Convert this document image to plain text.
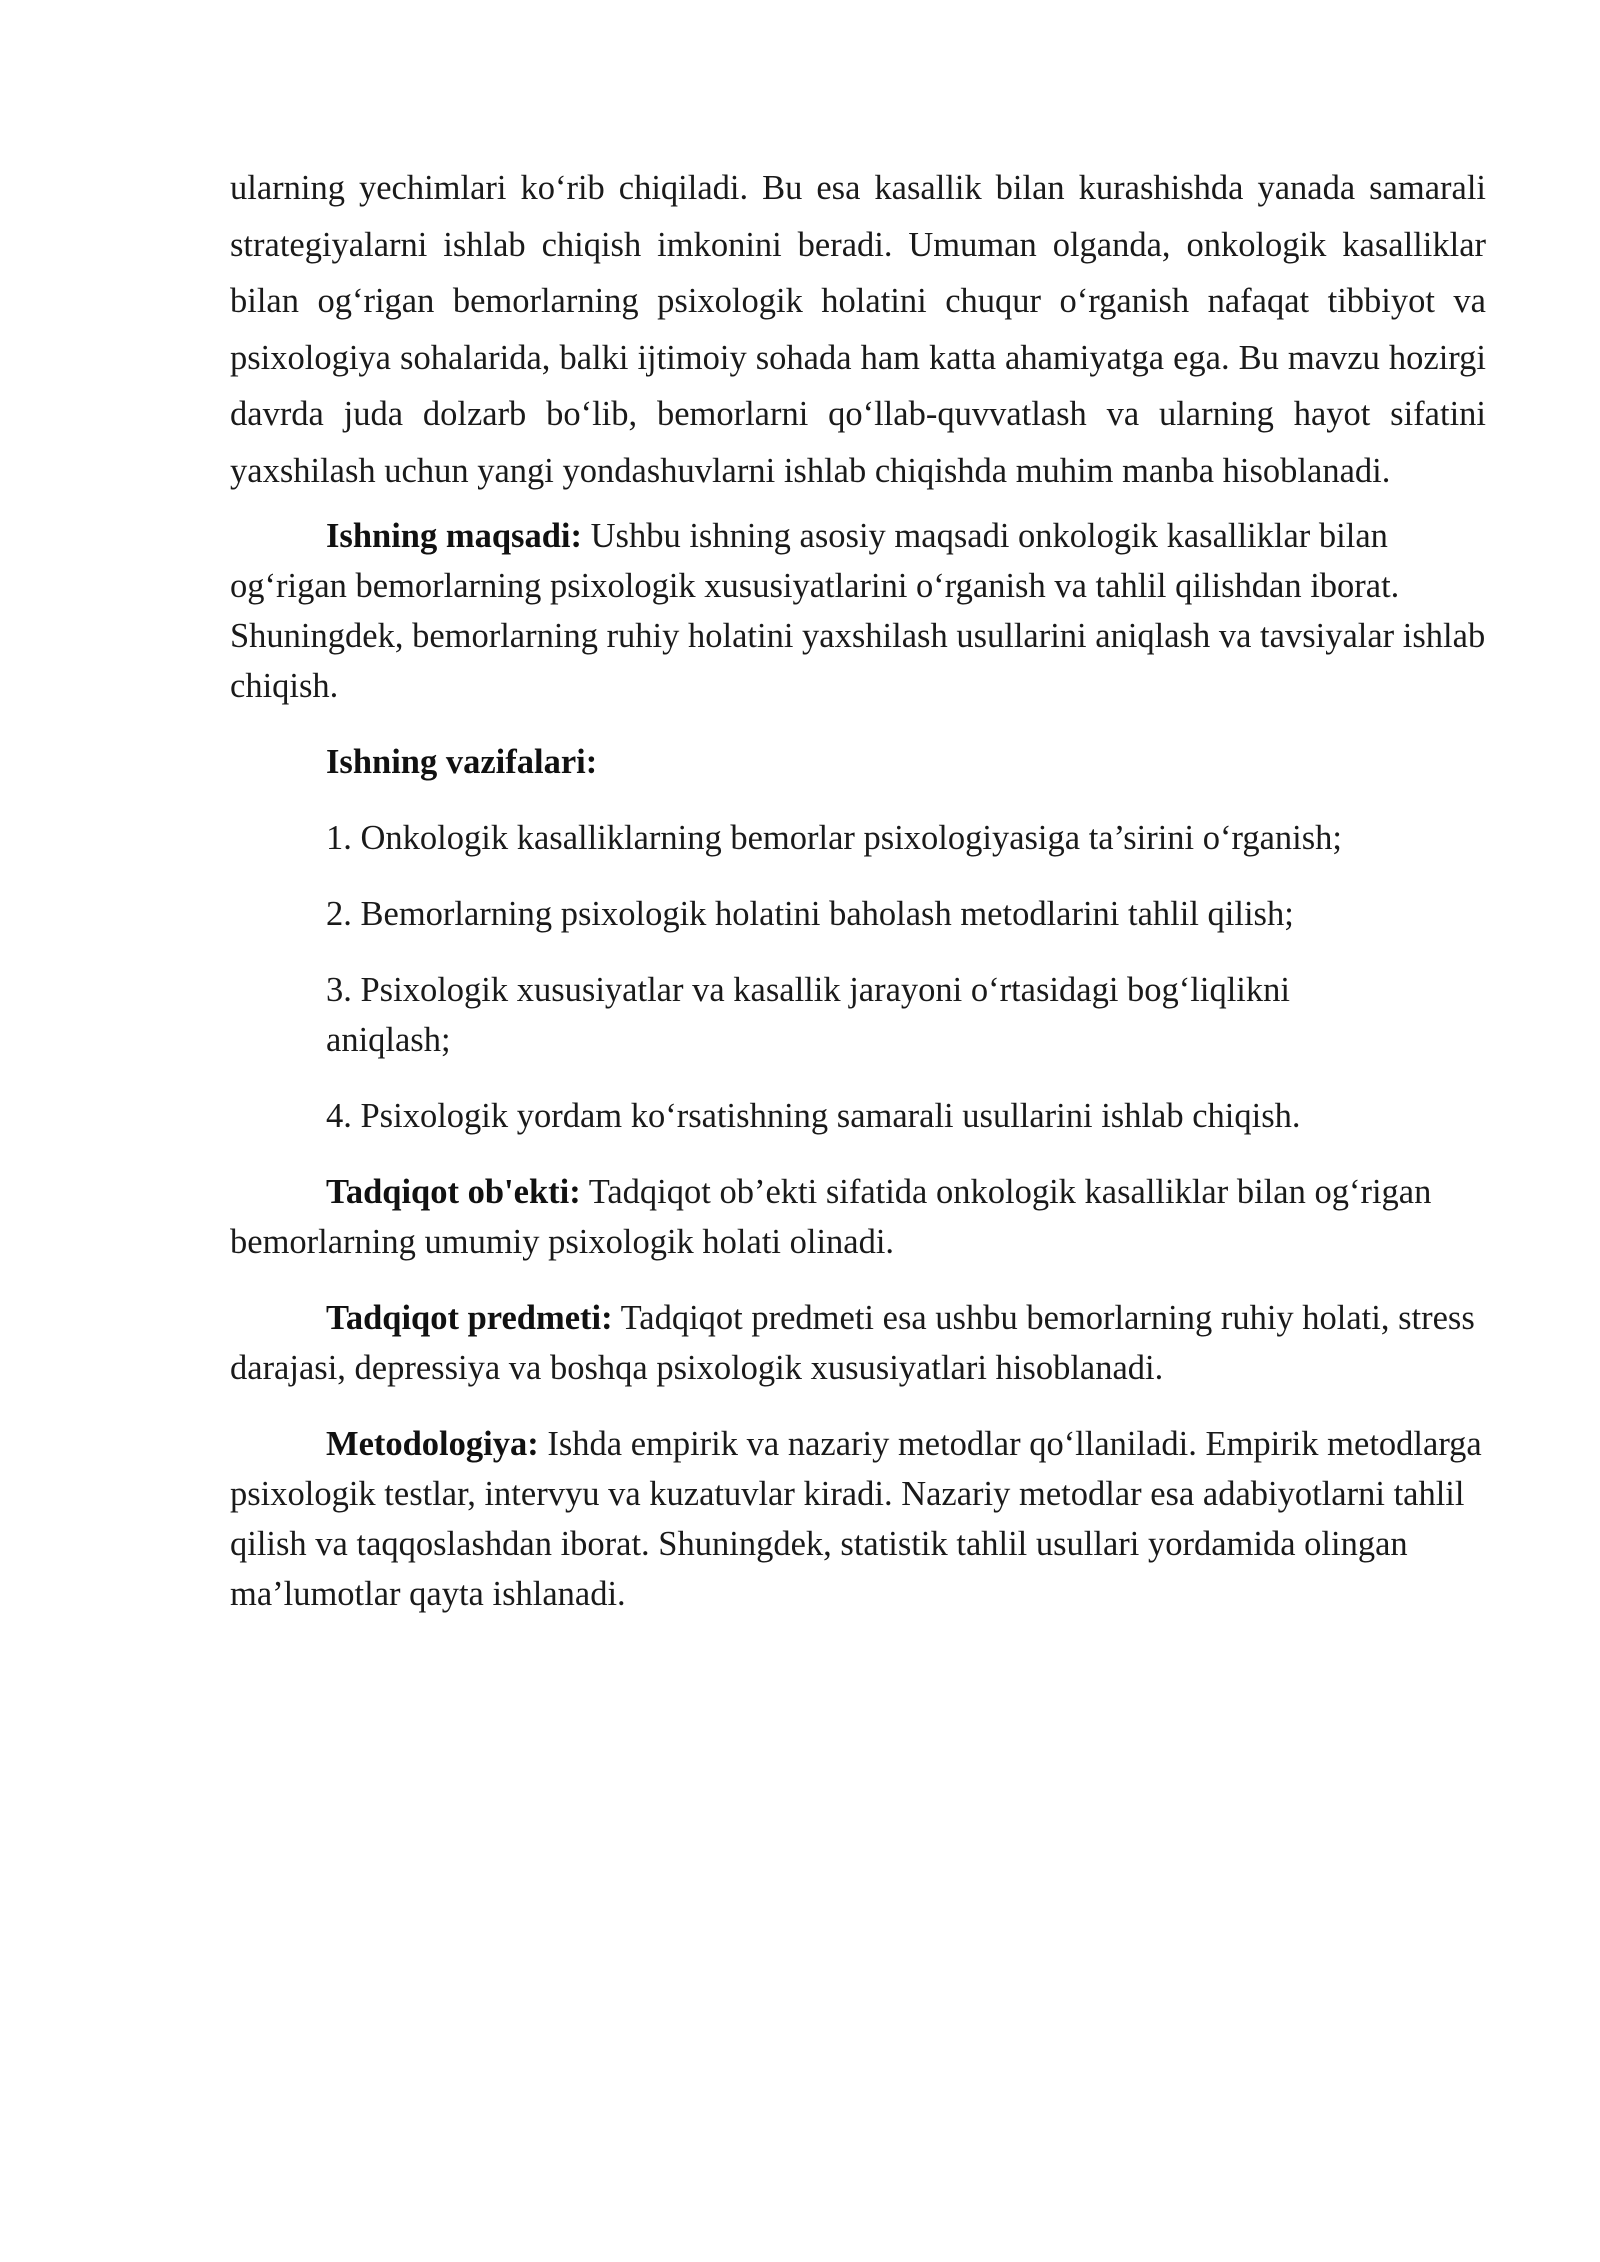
ularning yechimlari ko‘rib chiqiladi. Bu esa kasallik bilan kurashishda yanada samarali strategiyalarni ishlab chiqish imkonini beradi. Umuman olganda, onkologik kasalliklar bilan og‘rigan bemorlarning psixologik holatini chuqur o‘rganish nafaqat tibbiyot va psixologiya sohalarida, balki ijtimoiy sohada ham katta ahamiyatga ega. Bu mavzu hozirgi davrda juda dolzarb bo‘lib, bemorlarni qo‘llab-quvvatlash va ularning hayot sifatini yaxshilash uchun yangi yondashuvlarni ishlab chiqishda muhim manba hisoblanadi.

Ishning maqsadi: Ushbu ishning asosiy maqsadi onkologik kasalliklar bilan og‘rigan bemorlarning psixologik xususiyatlarini o‘rganish va tahlil qilishdan iborat. Shuningdek, bemorlarning ruhiy holatini yaxshilash usullarini aniqlash va tavsiyalar ishlab chiqish.

Ishning vazifalari:

1. Onkologik kasalliklarning bemorlar psixologiyasiga ta’sirini o‘rganish;

2. Bemorlarning psixologik holatini baholash metodlarini tahlil qilish;

3. Psixologik xususiyatlar va kasallik jarayoni o‘rtasidagi bog‘liqlikni aniqlash;

4. Psixologik yordam ko‘rsatishning samarali usullarini ishlab chiqish.

Tadqiqot ob'ekti: Tadqiqot ob’ekti sifatida onkologik kasalliklar bilan og‘rigan bemorlarning umumiy psixologik holati olinadi.

Tadqiqot predmeti: Tadqiqot predmeti esa ushbu bemorlarning ruhiy holati, stress darajasi, depressiya va boshqa psixologik xususiyatlari hisoblanadi.

Metodologiya: Ishda empirik va nazariy metodlar qo‘llaniladi. Empirik metodlarga psixologik testlar, intervyu va kuzatuvlar kiradi. Nazariy metodlar esa adabiyotlarni tahlil qilish va taqqoslashdan iborat. Shuningdek, statistik tahlil usullari yordamida olingan ma’lumotlar qayta ishlanadi.
